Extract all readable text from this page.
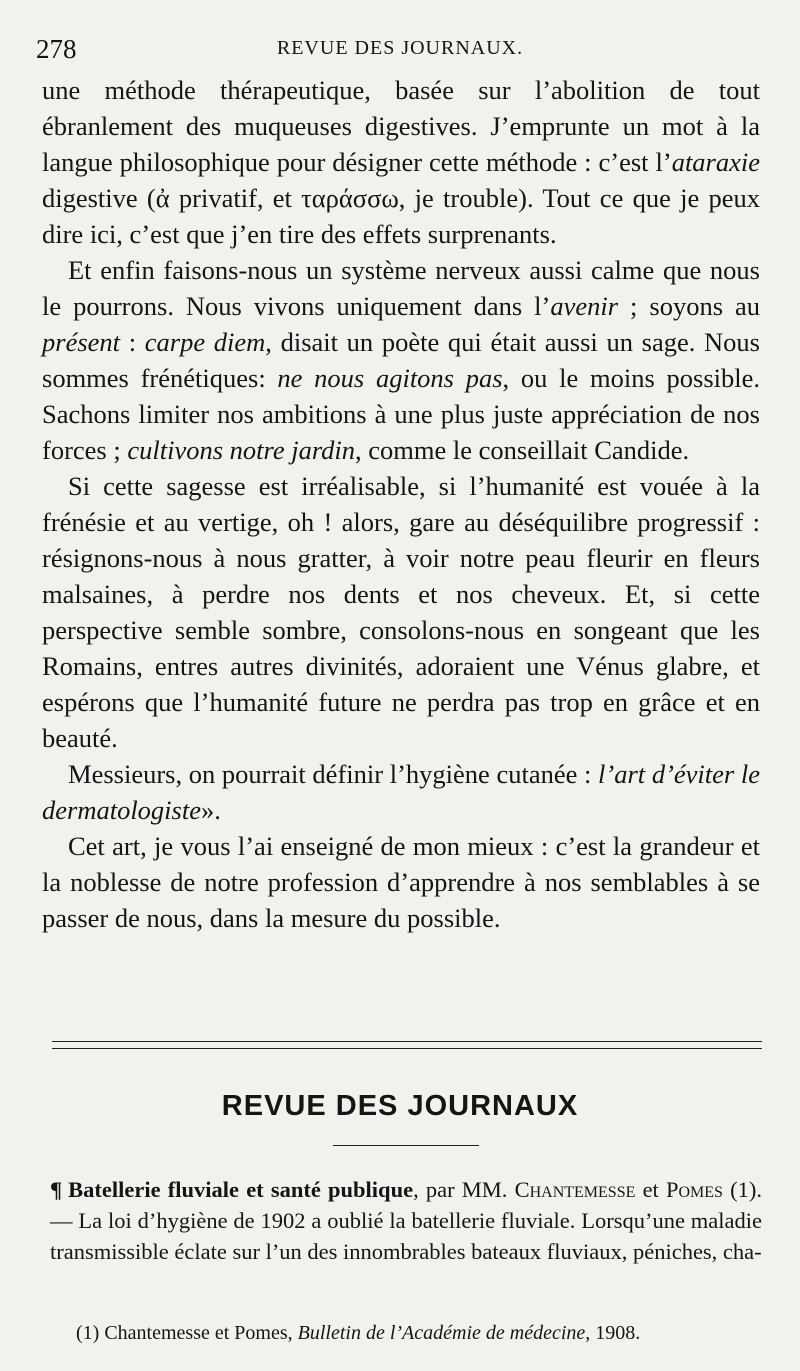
278	REVUE DES JOURNAUX.

une méthode thérapeutique, basée sur l’abolition de tout ébranlement des muqueuses digestives. J’emprunte un mot à la langue philosophique pour désigner cette méthode : c’est l’ataraxie digestive (ἀ privatif, et ταράσσω, je trouble). Tout ce que je peux dire ici, c’est que j’en tire des effets surprenants.

Et enfin faisons-nous un système nerveux aussi calme que nous le pourrons. Nous vivons uniquement dans l’avenir ; soyons au présent : carpe diem, disait un poète qui était aussi un sage. Nous sommes frénétiques: ne nous agitons pas, ou le moins possible. Sachons limiter nos ambitions à une plus juste appréciation de nos forces ; cultivons notre jardin, comme le conseillait Candide.

Si cette sagesse est irréalisable, si l’humanité est vouée à la frénésie et au vertige, oh ! alors, gare au déséquilibre progressif : résignons-nous à nous gratter, à voir notre peau fleurir en fleurs malsaines, à perdre nos dents et nos cheveux. Et, si cette perspective semble sombre, consolons-nous en songeant que les Romains, entres autres divinités, adoraient une Vénus glabre, et espérons que l’humanité future ne perdra pas trop en grâce et en beauté.

Messieurs, on pourrait définir l’hygiène cutanée : l’art d’éviter le dermatologiste».

Cet art, je vous l’ai enseigné de mon mieux : c’est la grandeur et la noblesse de notre profession d’apprendre à nos semblables à se passer de nous, dans la mesure du possible.

REVUE DES JOURNAUX
¶ Batellerie fluviale et santé publique, par MM. Chantemesse et Pomes (1). — La loi d’hygiène de 1902 a oublié la batellerie fluviale. Lorsqu’une maladie transmissible éclate sur l’un des innombrables bateaux fluviaux, péniches, cha-
(1) Chantemesse et Pomes, Bulletin de l’Académie de médecine, 1908.
